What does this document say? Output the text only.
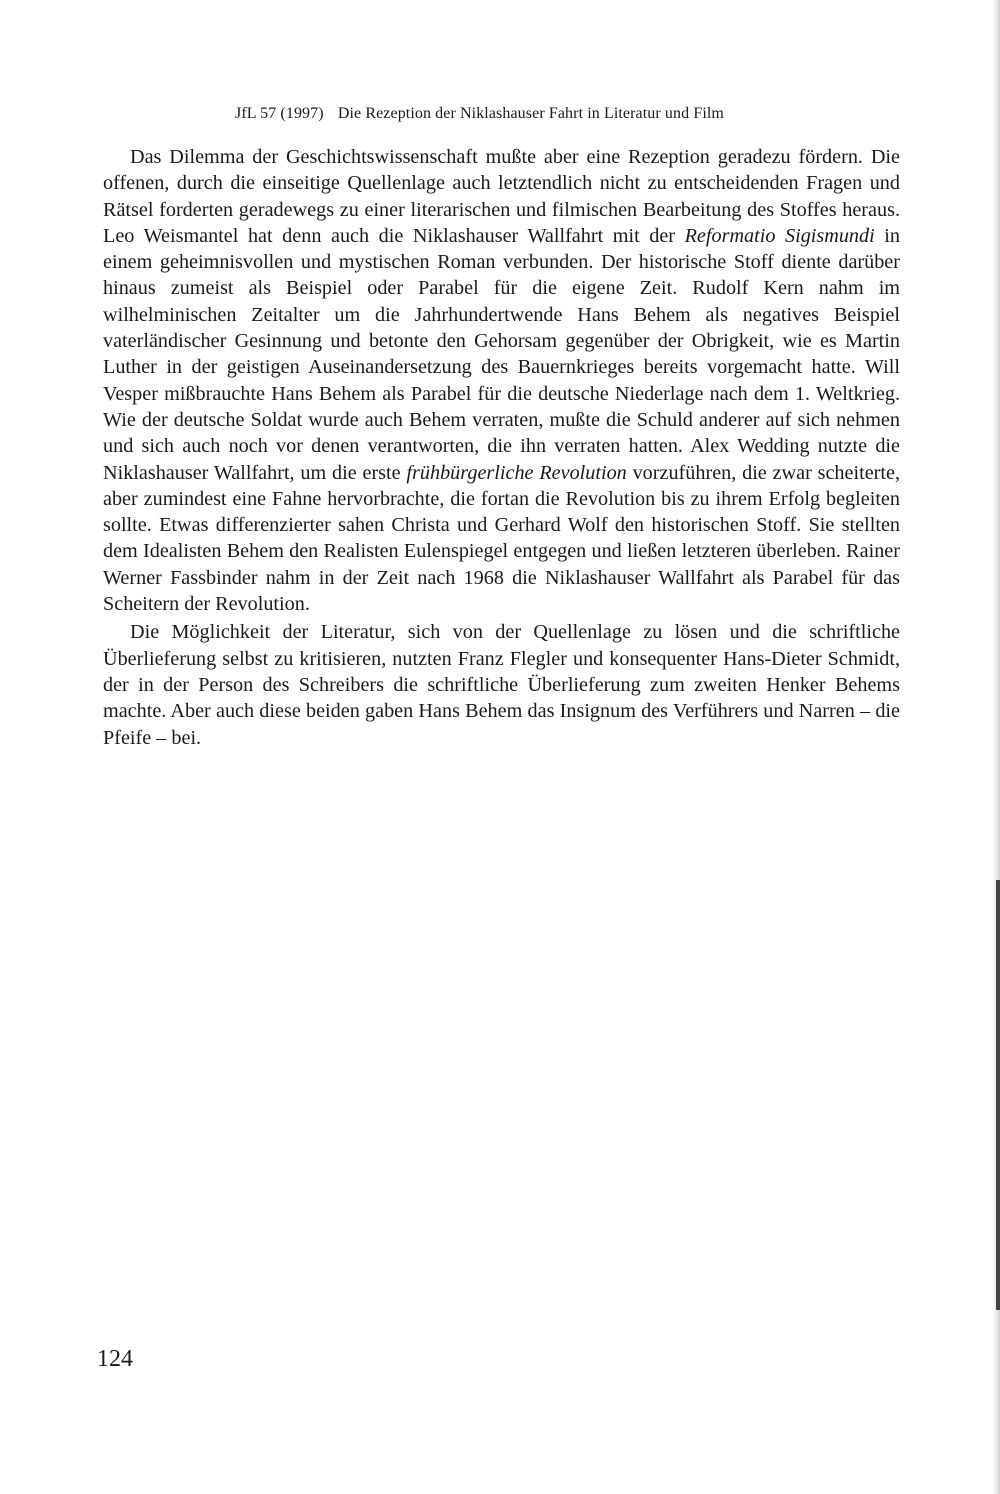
JfL 57 (1997) Die Rezeption der Niklashauser Fahrt in Literatur und Film

Das Dilemma der Geschichtswissenschaft mußte aber eine Rezeption geradezu fördern. Die offenen, durch die einseitige Quellenlage auch letztendlich nicht zu entscheidenden Fragen und Rätsel forderten geradewegs zu einer literarischen und filmischen Bearbeitung des Stoffes heraus. Leo Weismantel hat denn auch die Niklashauser Wallfahrt mit der Reformatio Sigismundi in einem geheimnisvollen und mystischen Roman verbunden. Der historische Stoff diente darüber hinaus zumeist als Beispiel oder Parabel für die eigene Zeit. Rudolf Kern nahm im wilhelminischen Zeitalter um die Jahrhundertwende Hans Behem als negatives Beispiel vaterländischer Gesinnung und betonte den Gehorsam gegenüber der Obrigkeit, wie es Martin Luther in der geistigen Auseinandersetzung des Bauernkrieges bereits vorgemacht hatte. Will Vesper mißbrauchte Hans Behem als Parabel für die deutsche Niederlage nach dem 1. Weltkrieg. Wie der deutsche Soldat wurde auch Behem verraten, mußte die Schuld anderer auf sich nehmen und sich auch noch vor denen verantworten, die ihn verraten hatten. Alex Wedding nutzte die Niklashauser Wallfahrt, um die erste frühbürgerliche Revolution vorzuführen, die zwar scheiterte, aber zumindest eine Fahne hervorbrachte, die fortan die Revolution bis zu ihrem Erfolg begleiten sollte. Etwas differenzierter sahen Christa und Gerhard Wolf den historischen Stoff. Sie stellten dem Idealisten Behem den Realisten Eulenspiegel entgegen und ließen letzteren überleben. Rainer Werner Fassbinder nahm in der Zeit nach 1968 die Niklashauser Wallfahrt als Parabel für das Scheitern der Revolution.

Die Möglichkeit der Literatur, sich von der Quellenlage zu lösen und die schriftliche Überlieferung selbst zu kritisieren, nutzten Franz Flegler und konsequenter Hans-Dieter Schmidt, der in der Person des Schreibers die schriftliche Überlieferung zum zweiten Henker Behems machte. Aber auch diese beiden gaben Hans Behem das Insignum des Verführers und Narren – die Pfeife – bei.

124
